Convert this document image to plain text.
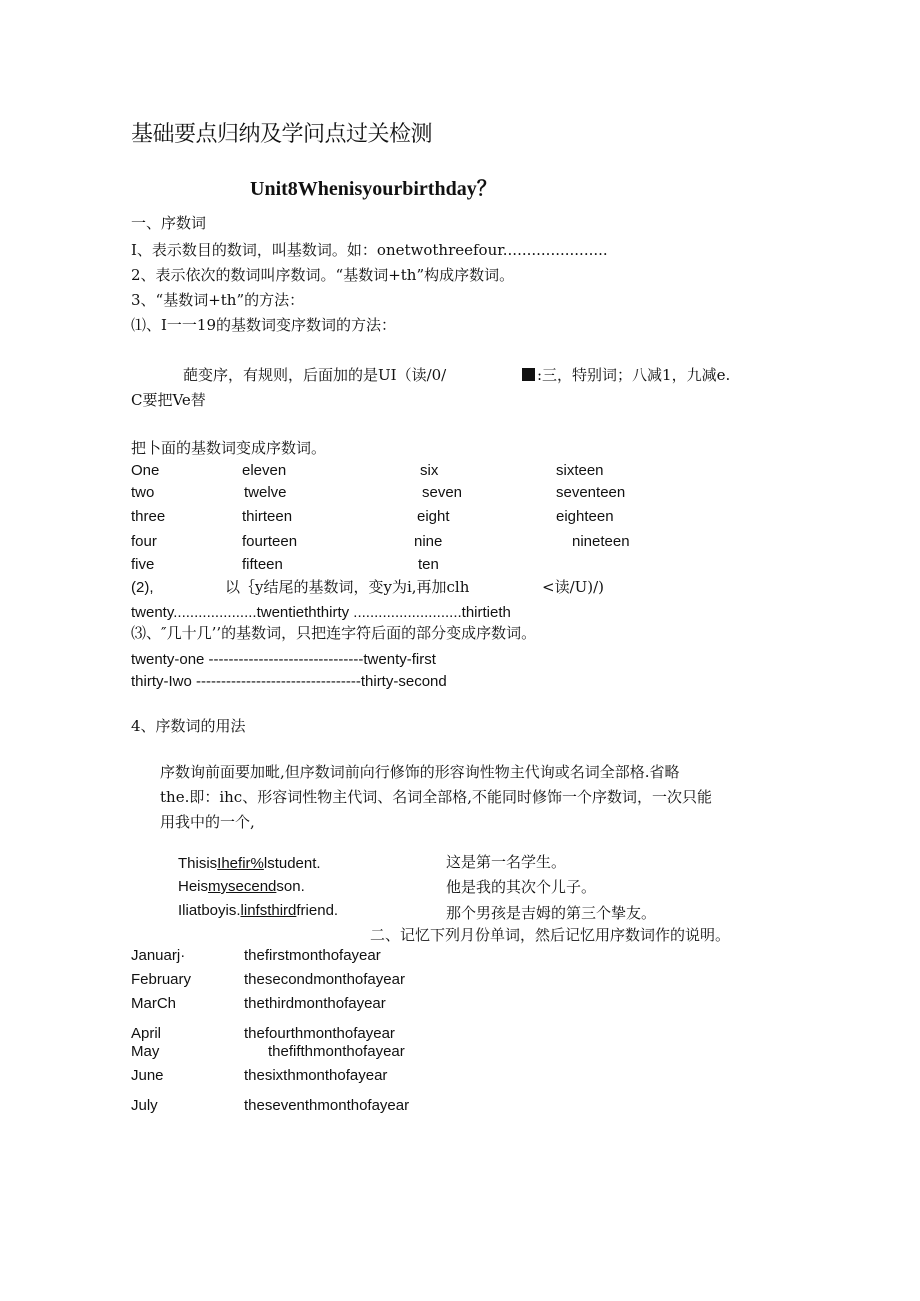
基础要点归纳及学问点过关检测
Unit8Whenisyourbirthday？
一、序数词
I、表示数目的数词，叫基数词。如：onetwothreefour......................
2、表示依次的数词叫序数词。“基数词+th”构成序数词。
3、“基数词+th”的方法：
⑴、I一一19的基数词变序数词的方法：
葩变序，有规则，后面加的是UI（读/0/	:三，特别词；八减1，九减e.
C要把Ve替
把卜面的基数词变成序数词。
One	eleven	six	sixteen
two	twelve	seven	seventeen
three	thirteen	eight	eighteen
four	fourteen	nine	nineteen
five	fifteen	ten
(2),	以｛y结尾的基数词，变y为i,再加clh	<读/U)/)
twenty....................twentieththirty ..........................thirtieth
⑶、″几十几’’的基数词，只把连字符后面的部分变成序数词。
twenty-one -------------------------------twenty-first
thirty-Iwo ---------------------------------thirty-second
4、序数词的用法
序数询前面要加毗,但序数词前向行修饰的形容询性物主代询或名词全部格.省略
the.即：ihc、形容词性物主代词、名词全部格,不能同时修饰一个序数词，一次只能
用我中的一个,
ThisisIhefir%lstudent.	这是第一名学生。
Heismysecendson.	他是我的其次个儿子。
Iliatboyis.linfsthirdfriend.	那个男孩是吉姆的第三个挚友。
二、记忆下列月份单词，然后记忆用序数词作的说明。
Januarj·	thefirstmonthofayear
February	thesecondmonthofayear
MarCh	thethirdmonthofayear
April	thefourthmonthofayear
May	thefifthmonthofayear
June	thesixthmonthofayear
July	theseventhmonthofayear
